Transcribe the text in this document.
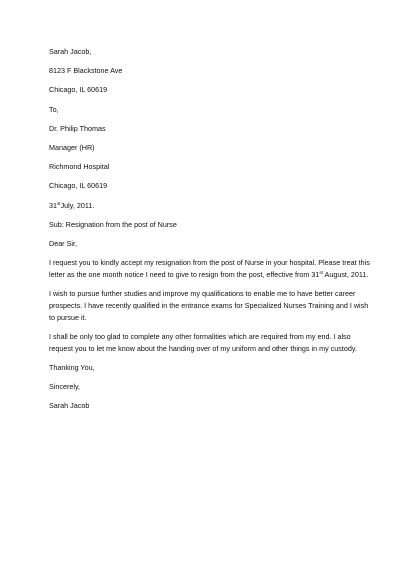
Sarah Jacob,
8123 F Blackstone Ave
Chicago, IL 60619
To,
Dr. Philip Thomas
Manager (HR)
Richmond Hospital
Chicago, IL 60619
31stJuly, 2011.
Sub: Resignation from the post of Nurse
Dear Sir,
I request you to kindly accept my resignation from the post of Nurse in your hospital. Please treat this
letter as the one month notice I need to give to resign from the post, effective from 31st August, 2011.
I wish to pursue further studies and improve my qualifications to enable me to have better career
prospects. I have recently qualified in the entrance exams for Specialized Nurses Training and I wish
to pursue it.
I shall be only too glad to complete any other formalities which are required from my end. I also
request you to let me know about the handing over of my uniform and other things in my custody.
Thanking You,
Sincerely,
Sarah Jacob
